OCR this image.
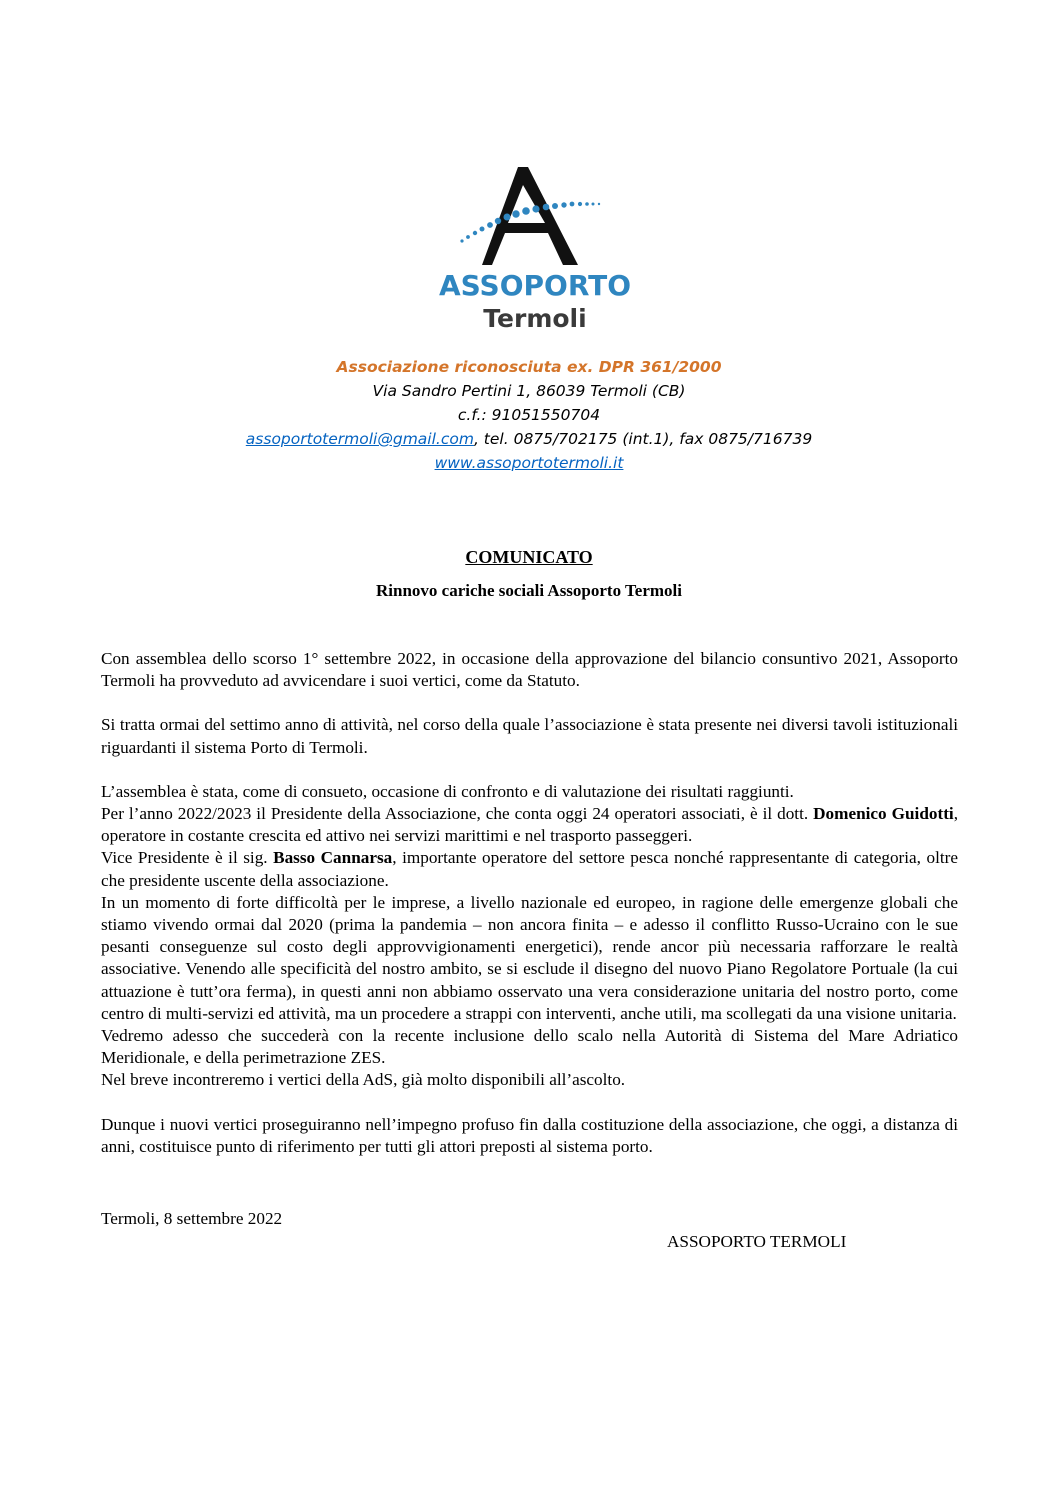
ASSOPORTO
Termoli
Associazione riconosciuta ex. DPR 361/2000
Via Sandro Pertini 1, 86039 Termoli (CB)
c.f.: 91051550704
assoportotermoli@gmail.com, tel. 0875/702175 (int.1), fax 0875/716739
www.assoportotermoli.it
COMUNICATO
Rinnovo cariche sociali Assoporto Termoli

Con assemblea dello scorso 1° settembre 2022, in occasione della approvazione del bilancio consuntivo 2021, Assoporto Termoli ha provveduto ad avvicendare i suoi vertici, come da Statuto.

Si tratta ormai del settimo anno di attività, nel corso della quale l’associazione è stata presente nei diversi tavoli istituzionali riguardanti il sistema Porto di Termoli.

L’assemblea è stata, come di consueto, occasione di confronto e di valutazione dei risultati raggiunti.

Per l’anno 2022/2023 il Presidente della Associazione, che conta oggi 24 operatori associati, è il dott. Domenico Guidotti, operatore in costante crescita ed attivo nei servizi marittimi e nel trasporto passeggeri.

Vice Presidente è il sig. Basso Cannarsa, importante operatore del settore pesca nonché rappresentante di categoria, oltre che presidente uscente della associazione.

In un momento di forte difficoltà per le imprese, a livello nazionale ed europeo, in ragione delle emergenze globali che stiamo vivendo ormai dal 2020 (prima la pandemia – non ancora finita – e adesso il conflitto Russo-Ucraino con le sue pesanti conseguenze sul costo degli approvvigionamenti energetici), rende ancor più necessaria rafforzare le realtà associative. Venendo alle specificità del nostro ambito, se si esclude il disegno del nuovo Piano Regolatore Portuale (la cui attuazione è tutt’ora ferma), in questi anni non abbiamo osservato una vera considerazione unitaria del nostro porto, come centro di multi-servizi ed attività, ma un procedere a strappi con interventi, anche utili, ma scollegati da una visione unitaria.

Vedremo adesso che succederà con la recente inclusione dello scalo nella Autorità di Sistema del Mare Adriatico Meridionale, e della perimetrazione ZES.

Nel breve incontreremo i vertici della AdS, già molto disponibili all’ascolto.

Dunque i nuovi vertici proseguiranno nell’impegno profuso fin dalla costituzione della associazione, che oggi, a distanza di anni, costituisce punto di riferimento per tutti gli attori preposti al sistema porto.

Termoli, 8 settembre 2022
ASSOPORTO TERMOLI
